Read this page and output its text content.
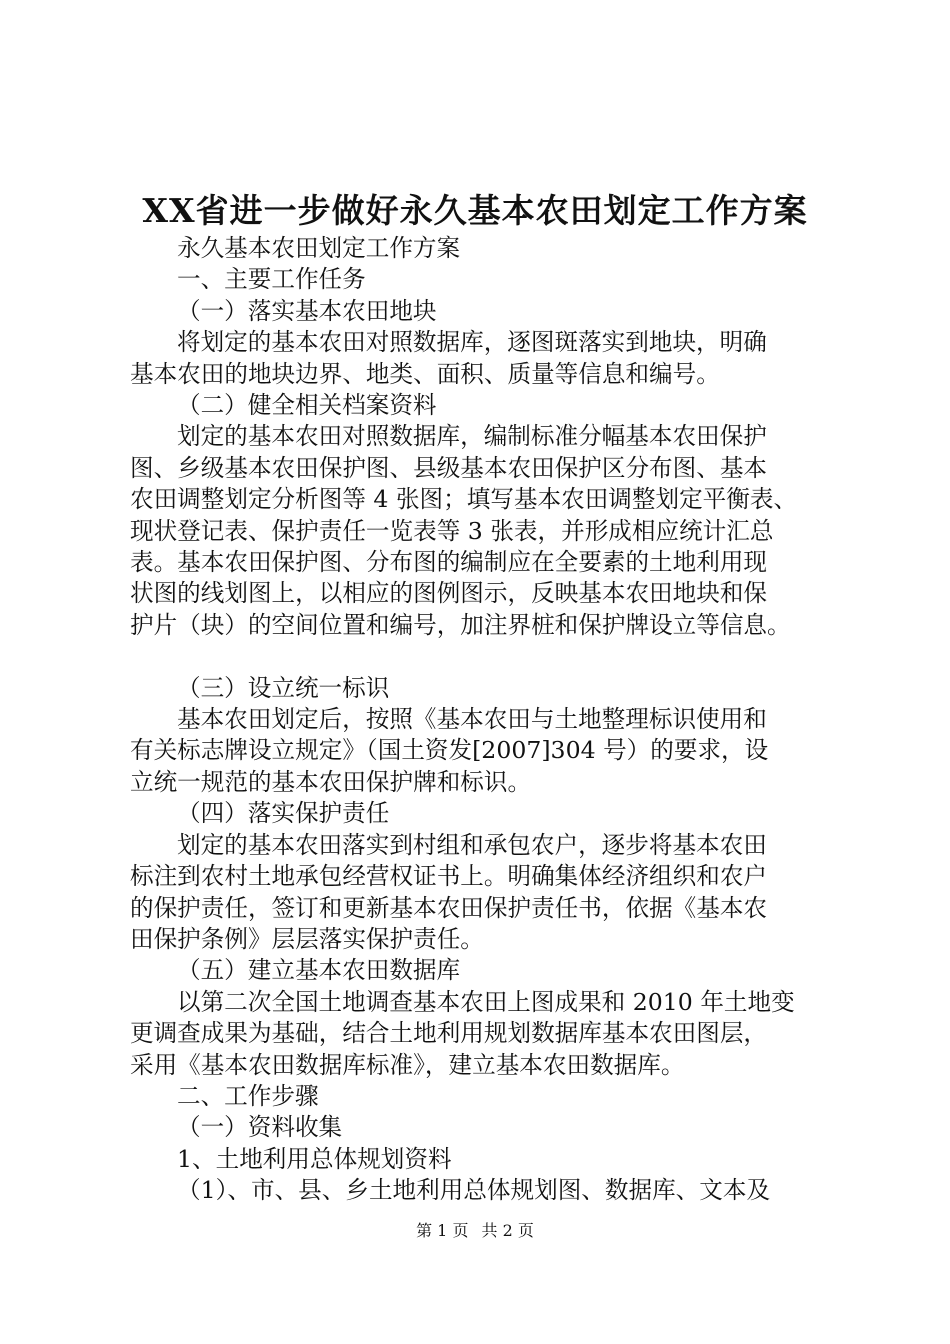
XX省进一步做好永久基本农田划定工作方案
永久基本农田划定工作方案
一、主要工作任务
（一）落实基本农田地块
将划定的基本农田对照数据库，逐图斑落实到地块，明确
基本农田的地块边界、地类、面积、质量等信息和编号。
（二）健全相关档案资料
划定的基本农田对照数据库，编制标准分幅基本农田保护
图、乡级基本农田保护图、县级基本农田保护区分布图、基本
农田调整划定分析图等 4 张图；填写基本农田调整划定平衡表、
现状登记表、保护责任一览表等 3 张表，并形成相应统计汇总
表。基本农田保护图、分布图的编制应在全要素的土地利用现
状图的线划图上，以相应的图例图示，反映基本农田地块和保
护片（块）的空间位置和编号，加注界桩和保护牌设立等信息。
（三）设立统一标识
基本农田划定后，按照《基本农田与土地整理标识使用和
有关标志牌设立规定》（国土资发[2007]304 号）的要求，设
立统一规范的基本农田保护牌和标识。
（四）落实保护责任
划定的基本农田落实到村组和承包农户，逐步将基本农田
标注到农村土地承包经营权证书上。明确集体经济组织和农户
的保护责任，签订和更新基本农田保护责任书，依据《基本农
田保护条例》层层落实保护责任。
（五）建立基本农田数据库
以第二次全国土地调查基本农田上图成果和 2010 年土地变
更调查成果为基础，结合土地利用规划数据库基本农田图层，
采用《基本农田数据库标准》，建立基本农田数据库。
二、工作步骤
（一）资料收集
1、土地利用总体规划资料
（1）、市、县、乡土地利用总体规划图、数据库、文本及
第 1 页 共 2 页
